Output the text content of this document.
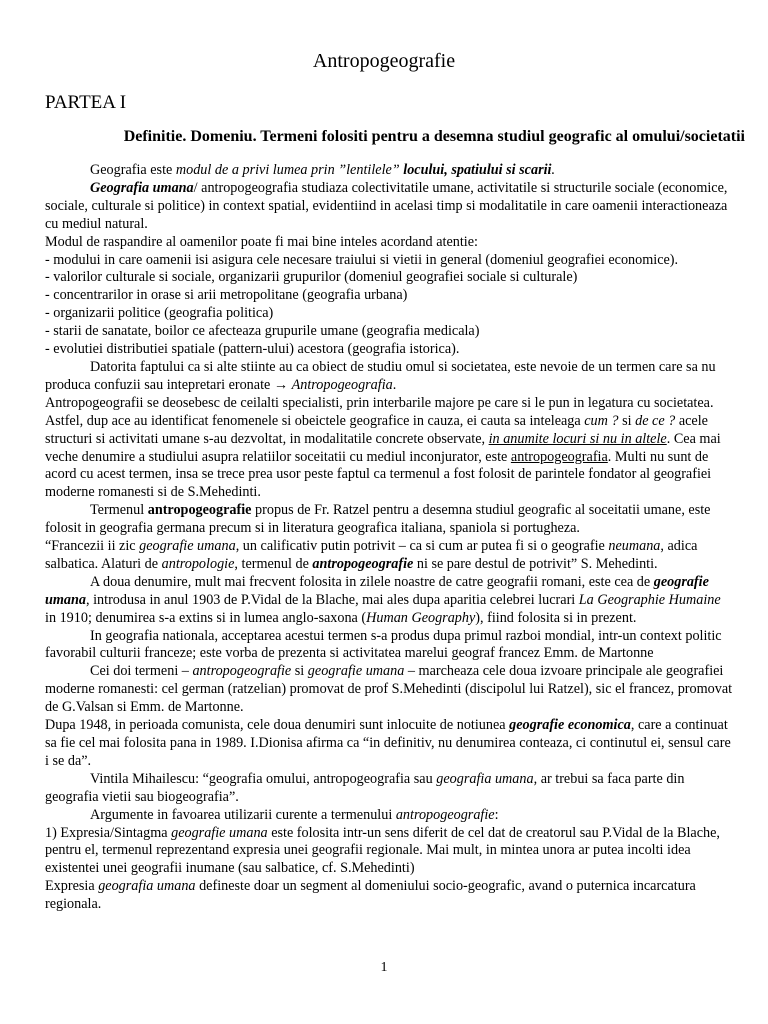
Antropogeografie
PARTEA I
Definitie. Domeniu. Termeni folositi pentru a desemna studiul geografic al omului/societatii

Geografia este modul de a privi lumea prin ”lentilele” locului, spatiului si scarii.

Geografia umana/ antropogeografia studiaza colectivitatile umane, activitatile si structurile sociale (economice, sociale, culturale si politice) in context spatial, evidentiind in acelasi timp si modalitatile in care oamenii interactioneaza cu mediul natural.

Modul de raspandire al oamenilor poate fi mai bine inteles acordand atentie:

- modului in care oamenii isi asigura cele necesare traiului si vietii in general (domeniul geografiei economice).

- valorilor culturale si sociale, organizarii grupurilor (domeniul geografiei sociale si culturale)

- concentrarilor in orase si arii metropolitane (geografia urbana)

- organizarii politice (geografia politica)

- starii de sanatate, boilor ce afecteaza grupurile umane (geografia medicala)

- evolutiei distributiei spatiale (pattern-ului) acestora (geografia istorica).

Datorita faptului ca si alte stiinte au ca obiect de studiu omul si societatea, este nevoie de un termen care sa nu produca confuzii sau intepretari eronate → Antropogeografia.

Antropogeografii se deosebesc de ceilalti specialisti, prin interbarile majore pe care si le pun in legatura cu societatea. Astfel, dup ace au identificat fenomenele si obeictele geografice in cauza, ei cauta sa inteleaga cum ? si de ce ? acele structuri si activitati umane s-au dezvoltat, in modalitatile concrete observate, in anumite locuri si nu in altele. Cea mai veche denumire a studiului asupra relatiilor soceitatii cu mediul inconjurator, este antropogeografia. Multi nu sunt de acord cu acest termen, insa se trece prea usor peste faptul ca termenul a fost folosit de parintele fondator al geografiei moderne romanesti si de S.Mehedinti.

Termenul antropogeografie propus de Fr. Ratzel pentru a desemna studiul geografic al soceitatii umane, este folosit in geografia germana precum si in literatura geografica italiana, spaniola si portugheza.

“Francezii ii zic geografie umana, un calificativ putin potrivit – ca si cum ar putea fi si o geografie neumana, adica salbatica. Alaturi de antropologie, termenul de antropogeografie ni se pare destul de potrivit” S. Mehedinti.

A doua denumire, mult mai frecvent folosita in zilele noastre de catre geografii romani, este cea de geografie umana, introdusa in anul 1903 de P.Vidal de la Blache, mai ales dupa aparitia celebrei lucrari La Geographie Humaine in 1910; denumirea s-a extins si in lumea anglo-saxona (Human Geography), fiind folosita si in prezent.

In geografia nationala, acceptarea acestui termen s-a produs dupa primul razboi mondial, intr-un context politic favorabil culturii franceze; este vorba de prezenta si activitatea marelui geograf francez Emm. de Martonne

Cei doi termeni – antropogeografie si geografie umana – marcheaza cele doua izvoare principale ale geografiei moderne romanesti: cel german (ratzelian) promovat de prof S.Mehedinti (discipolul lui Ratzel), sic el francez, promovat de G.Valsan si Emm. de Martonne.

Dupa 1948, in perioada comunista, cele doua denumiri sunt inlocuite de notiunea geografie economica, care a continuat sa fie cel mai folosita pana in 1989. I.Dionisa afirma ca “in definitiv, nu denumirea conteaza, ci continutul ei, sensul care i se da”.

Vintila Mihailescu: “geografia omului, antropogeografia sau geografia umana, ar trebui sa faca parte din geografia vietii sau biogeografia”.

Argumente in favoarea utilizarii curente a termenului antropogeografie:

1) Expresia/Sintagma geografie umana este folosita intr-un sens diferit de cel dat de creatorul sau P.Vidal de la Blache, pentru el, termenul reprezentand expresia unei geografii regionale. Mai mult, in mintea unora ar putea incolti idea existentei unei geografii inumane (sau salbatice, cf. S.Mehedinti)

Expresia geografia umana defineste doar un segment al domeniului socio-geografic, avand o puternica incarcatura regionala.

1
